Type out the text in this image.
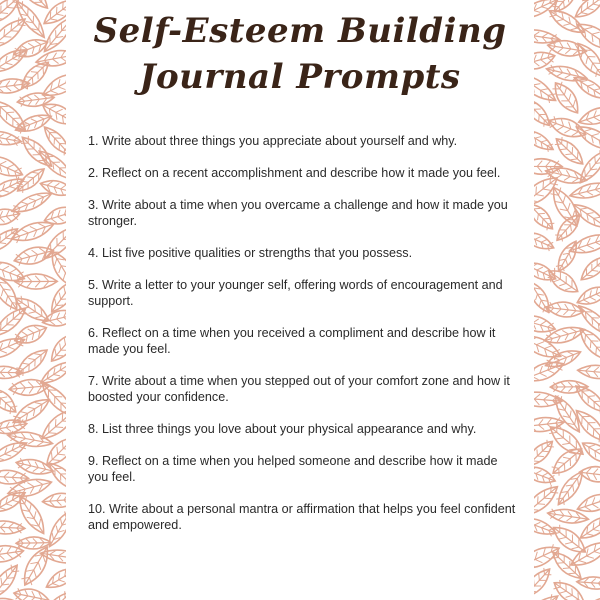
Self-Esteem Building
Journal Prompts
1. Write about three things you appreciate about yourself and why.
2. Reflect on a recent accomplishment and describe how it made you feel.
3. Write about a time when you overcame a challenge and how it made you stronger.
4. List five positive qualities or strengths that you possess.
5. Write a letter to your younger self, offering words of encouragement and support.
6. Reflect on a time when you received a compliment and describe how it made you feel.
7. Write about a time when you stepped out of your comfort zone and how it boosted your confidence.
8. List three things you love about your physical appearance and why.
9. Reflect on a time when you helped someone and describe how it made you feel.
10. Write about a personal mantra or affirmation that helps you feel confident and empowered.
